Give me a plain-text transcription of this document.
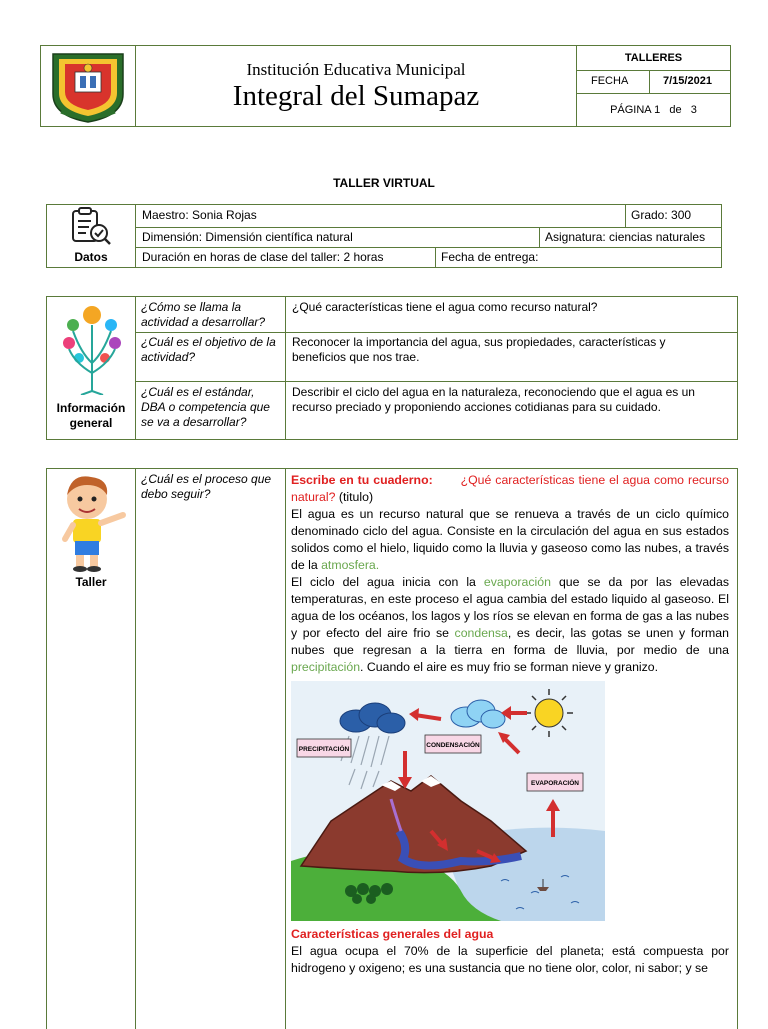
Institución Educativa Municipal
Integral del Sumapaz
TALLERES
FECHA	7/15/2021
PÁGINA 1   de   3
TALLER VIRTUAL
Datos
Maestro: Sonia Rojas	Grado: 300
Dimensión: Dimensión científica natural	Asignatura: ciencias naturales
Duración en horas de clase del taller: 2 horas	Fecha de entrega:
Información
general
¿Cómo se llama la actividad a desarrollar?
¿Qué características tiene el agua como recurso natural?
¿Cuál es el objetivo de la actividad?
Reconocer la importancia del agua, sus propiedades, características y beneficios que nos trae.
¿Cuál es el estándar, DBA o competencia que se va a desarrollar?
Describir el ciclo del agua en la naturaleza, reconociendo que el agua es un recurso preciado y proponiendo acciones cotidianas para su cuidado.
Taller
¿Cuál es el proceso que debo seguir?
Escribe en tu cuaderno: ¿Qué características tiene el agua como recurso natural? (titulo)
El agua es un recurso natural que se renueva a través de un ciclo químico denominado ciclo del agua. Consiste en la circulación del agua en sus estados solidos como el hielo, liquido como la lluvia y gaseoso como las nubes, a través de la atmosfera.
El ciclo del agua inicia con la evaporación que se da por las elevadas temperaturas, en este proceso el agua cambia del estado liquido al gaseoso. El agua de los océanos, los lagos y los ríos se elevan en forma de gas a las nubes y por efecto del aire frio se condensa, es decir, las gotas se unen y forman nubes que regresan a la tierra en forma de lluvia, por medio de una precipitación. Cuando el aire es muy frio se forman nieve y granizo.
PRECIPITACIÓN
CONDENSACIÓN
EVAPORACIÓN
Características generales del agua
El agua ocupa el 70% de la superficie del planeta; está compuesta por hidrogeno y oxigeno; es una sustancia que no tiene olor, color, ni sabor; y se
